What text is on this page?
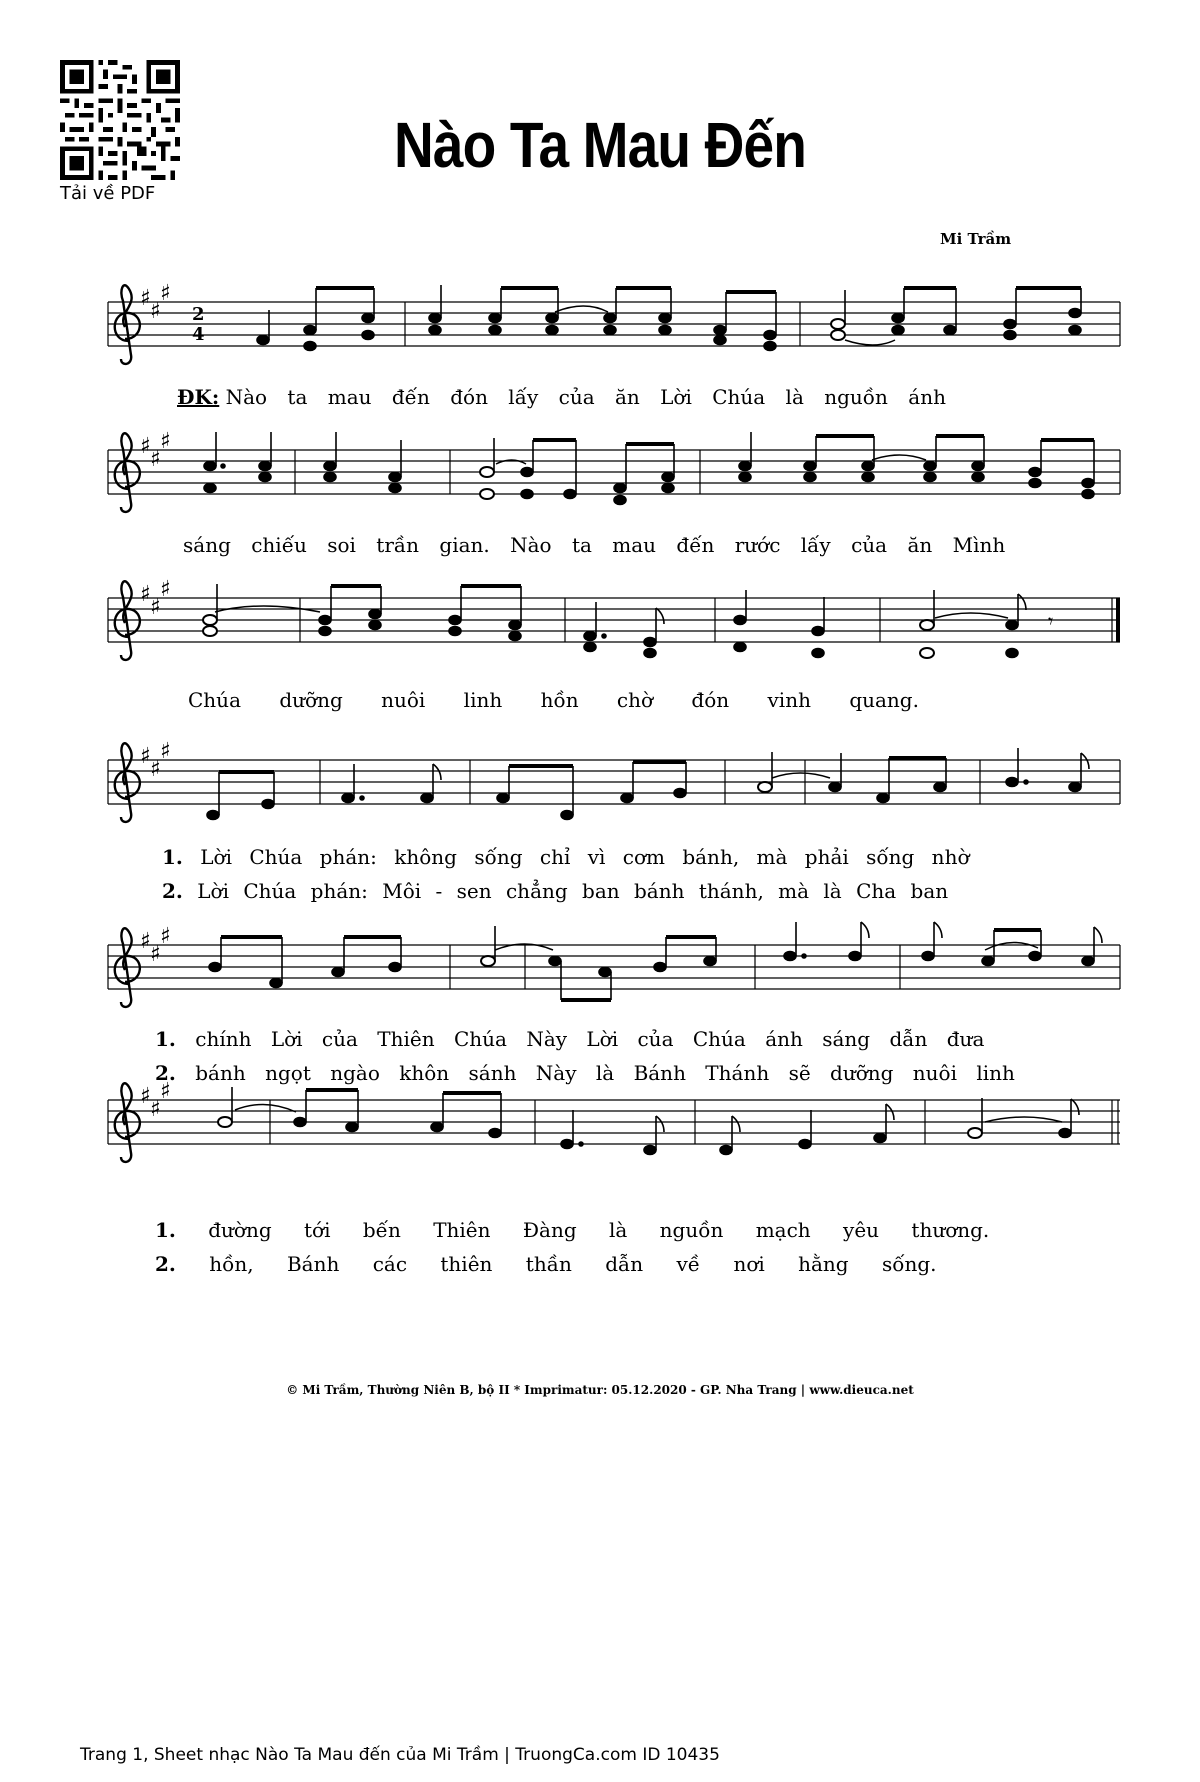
Tải về PDF
Nào Ta Mau Đến
Mi Trầm
2
4
𝄾
ĐK: Nào ta mau đến đón lấy của ăn Lời Chúa là nguồn ánh
sáng chiếu soi trần gian. Nào ta mau đến rước lấy của ăn Mình
Chúa dưỡng nuôi linh hồn chờ đón vinh quang.
1. Lời Chúa phán: không sống chỉ vì cơm bánh, mà phải sống nhờ
2. Lời Chúa phán: Môi - sen chẳng ban bánh thánh, mà là Cha ban
1. chính Lời của Thiên Chúa Này Lời của Chúa ánh sáng dẫn đưa
2. bánh ngọt ngào khôn sánh Này là Bánh Thánh sẽ dưỡng nuôi linh
1. đường tới bến Thiên Đàng là nguồn mạch yêu thương.
2. hồn, Bánh các thiên thần dẫn về nơi hằng sống.
© Mi Trầm, Thường Niên B, bộ II * Imprimatur: 05.12.2020 - GP. Nha Trang | www.dieuca.net
Trang 1, Sheet nhạc Nào Ta Mau đến của Mi Trầm | TruongCa.com ID 10435
